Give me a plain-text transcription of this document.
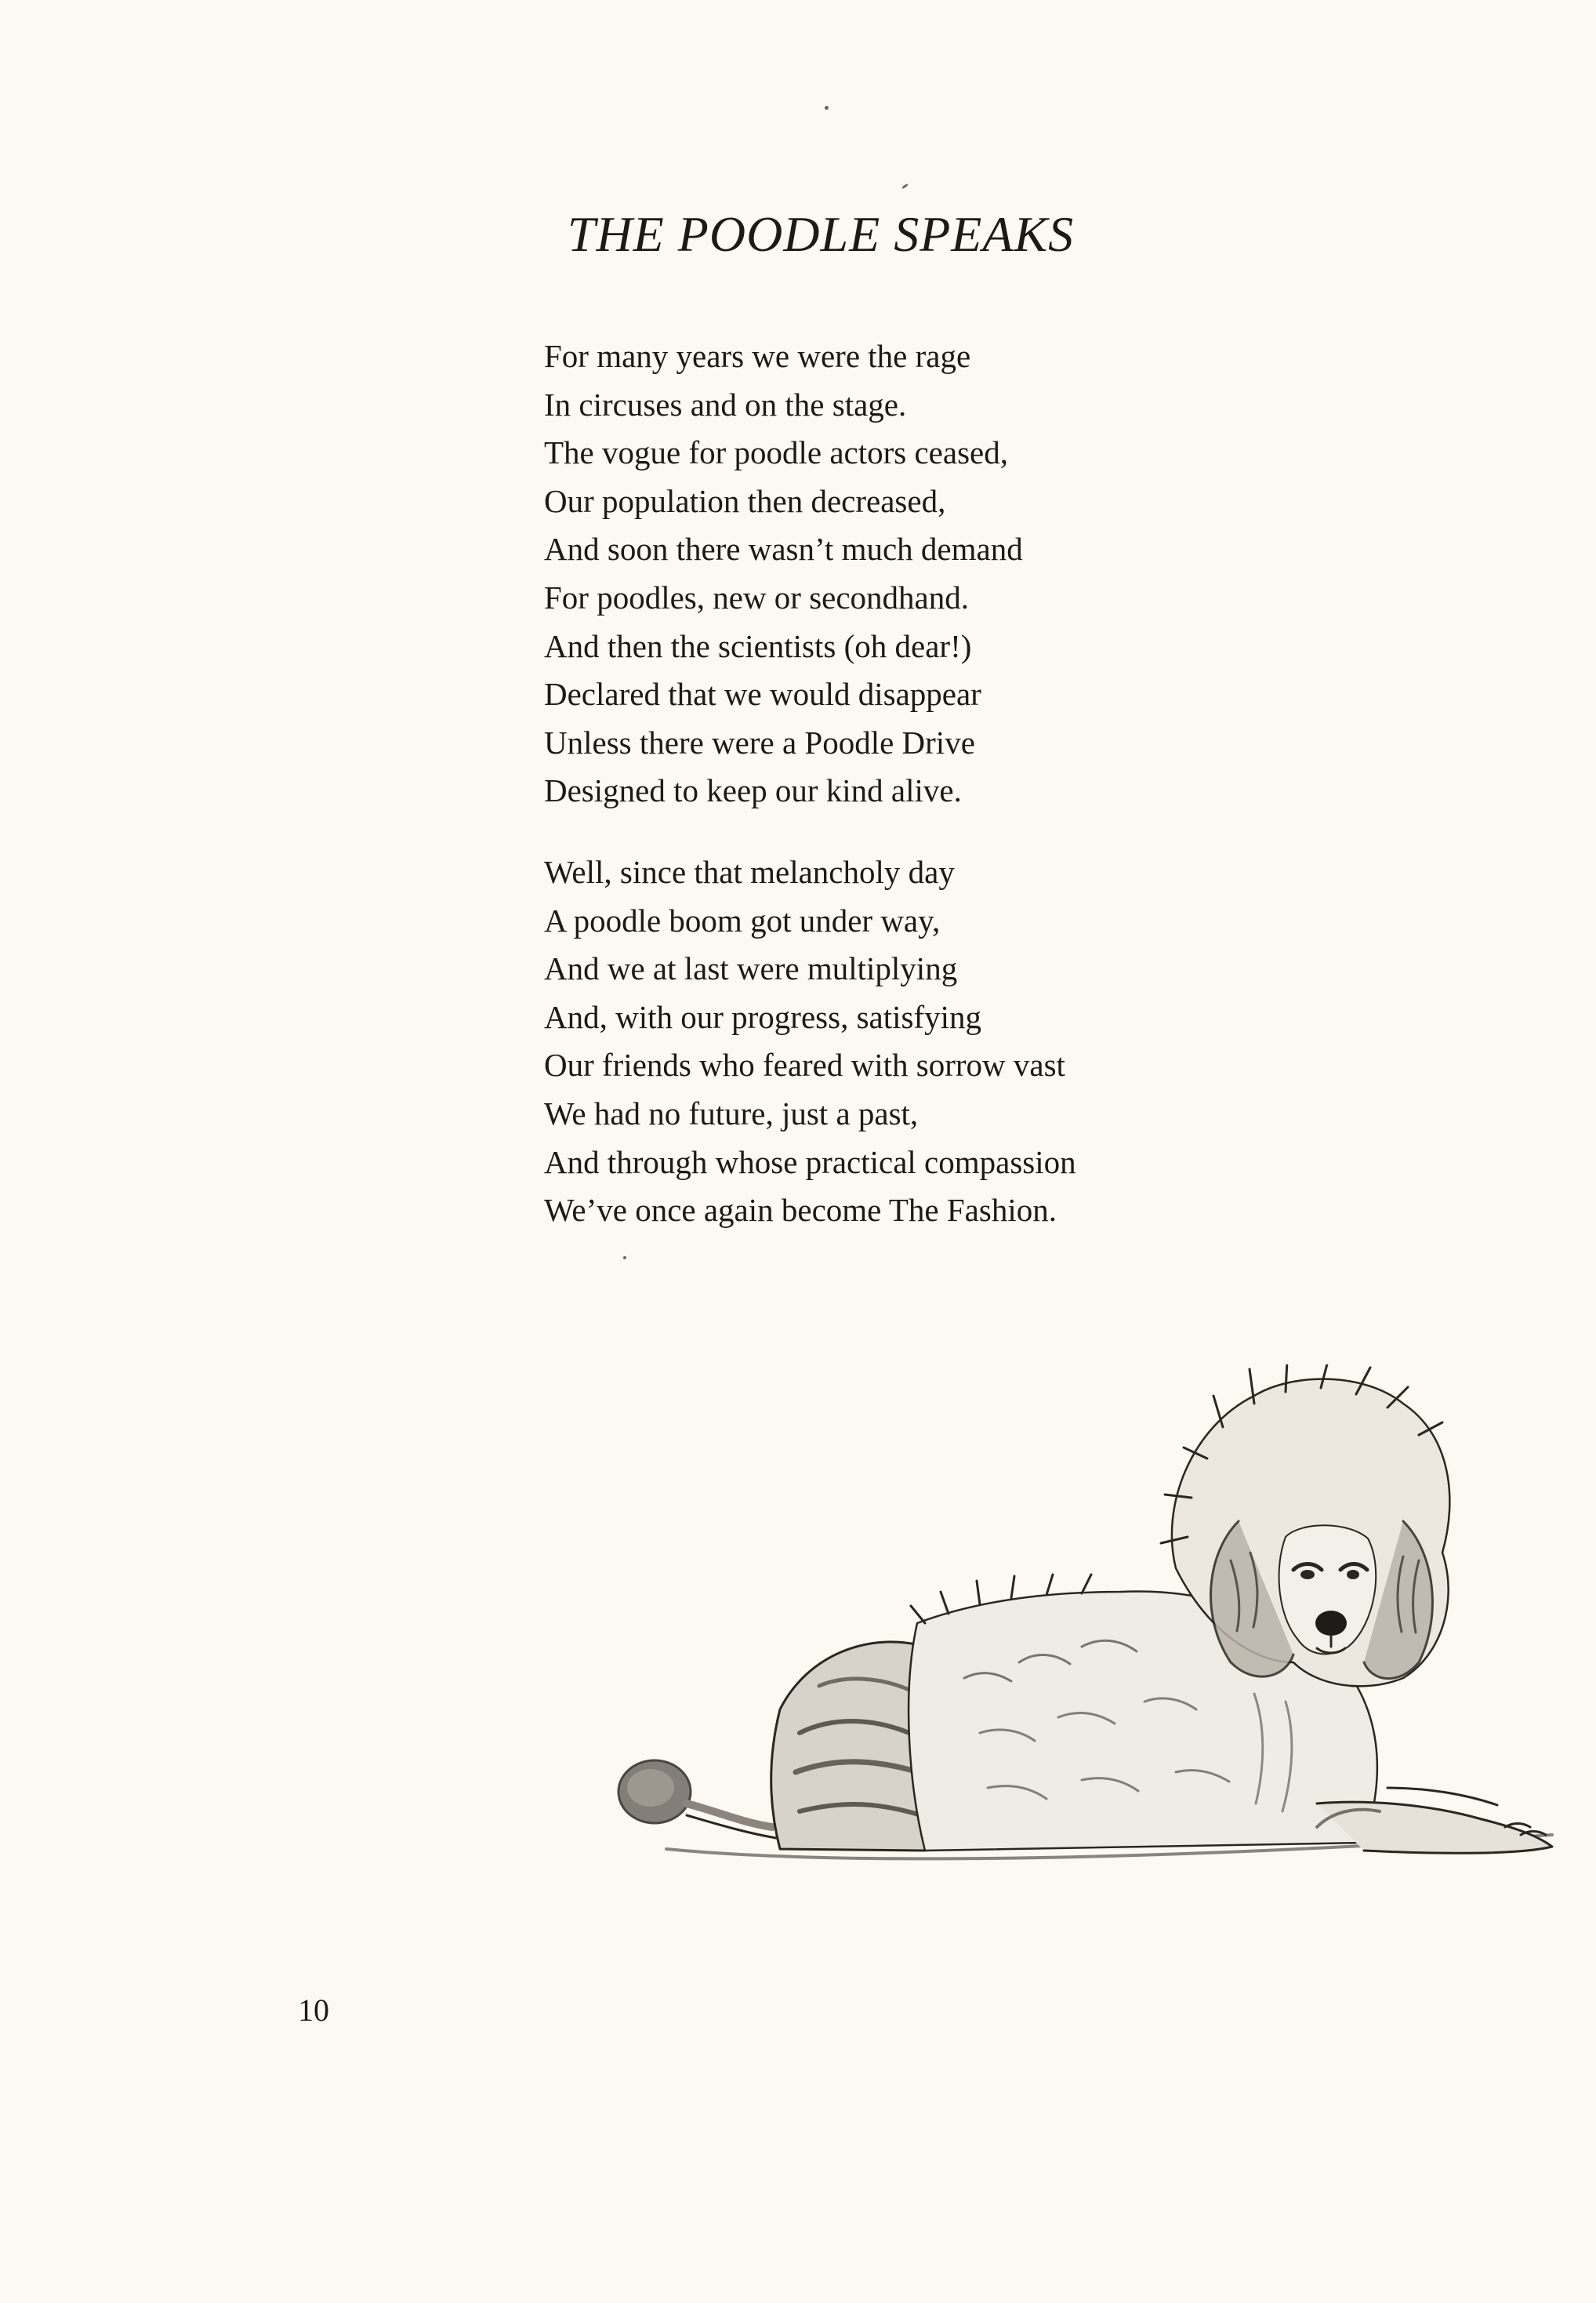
THE POODLE SPEAKS

For many years we were the rage
In circuses and on the stage.
The vogue for poodle actors ceased,
Our population then decreased,
And soon there wasn’t much demand
For poodles, new or secondhand.
And then the scientists (oh dear!)
Declared that we would disappear
Unless there were a Poodle Drive
Designed to keep our kind alive.

Well, since that melancholy day
A poodle boom got under way,
And we at last were multiplying
And, with our progress, satisfying
Our friends who feared with sorrow vast
We had no future, just a past,
And through whose practical compassion
We’ve once again become The Fashion.

10
